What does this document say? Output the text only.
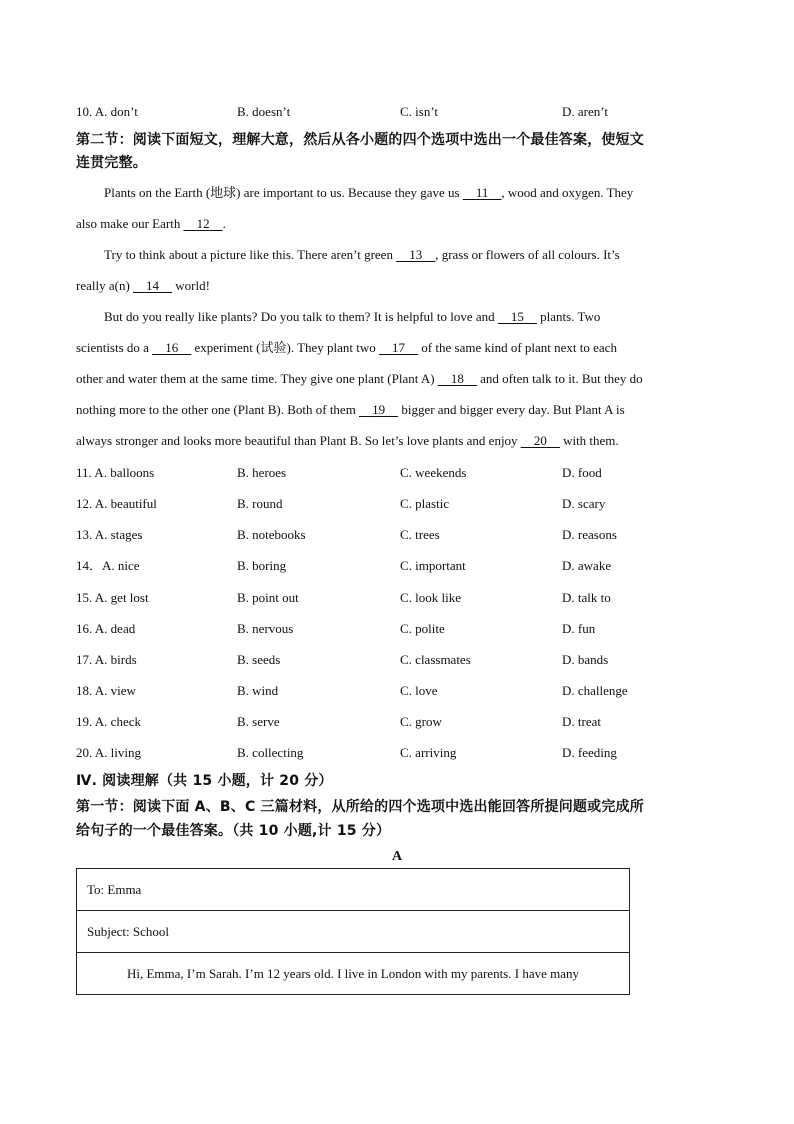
10. A. don’t	B. doesn’t	C. isn’t	D. aren’t
第二节：阅读下面短文，理解大意，然后从各小题的四个选项中选出一个最佳答案，使短文
连贯完整。
Plants on the Earth (地球) are important to us. Because they gave us 11 , wood and oxygen. They
also make our Earth 12 .
Try to think about a picture like this. There aren’t green 13 , grass or flowers of all colours. It’s
really a(n) 14 world!
But do you really like plants? Do you talk to them? It is helpful to love and 15 plants. Two
scientists do a 16 experiment (试验). They plant two 17 of the same kind of plant next to each
other and water them at the same time. They give one plant (Plant A) 18 and often talk to it. But they do
nothing more to the other one (Plant B). Both of them 19 bigger and bigger every day. But Plant A is
always stronger and looks more beautiful than Plant B. So let’s love plants and enjoy 20 with them.
11. A. balloons	B. heroes	C. weekends	D. food
12. A. beautiful	B. round	C. plastic	D. scary
13. A. stages	B. notebooks	C. trees	D. reasons
14．A. nice	B. boring	C. important	D. awake
15. A. get lost	B. point out	C. look like	D. talk to
16. A. dead	B. nervous	C. polite	D. fun
17. A. birds	B. seeds	C. classmates	D. bands
18. A. view	B. wind	C. love	D. challenge
19. A. check	B. serve	C. grow	D. treat
20. A. living	B. collecting	C. arriving	D. feeding
Ⅳ. 阅读理解（共 15 小题，计 20 分）
第一节：阅读下面 A、B、C 三篇材料，从所给的四个选项中选出能回答所提问题或完成所
给句子的一个最佳答案。（共 10 小题,计 15 分）
A
To: Emma
Subject: School
Hi, Emma, I’m Sarah. I’m 12 years old. I live in London with my parents. I have many
